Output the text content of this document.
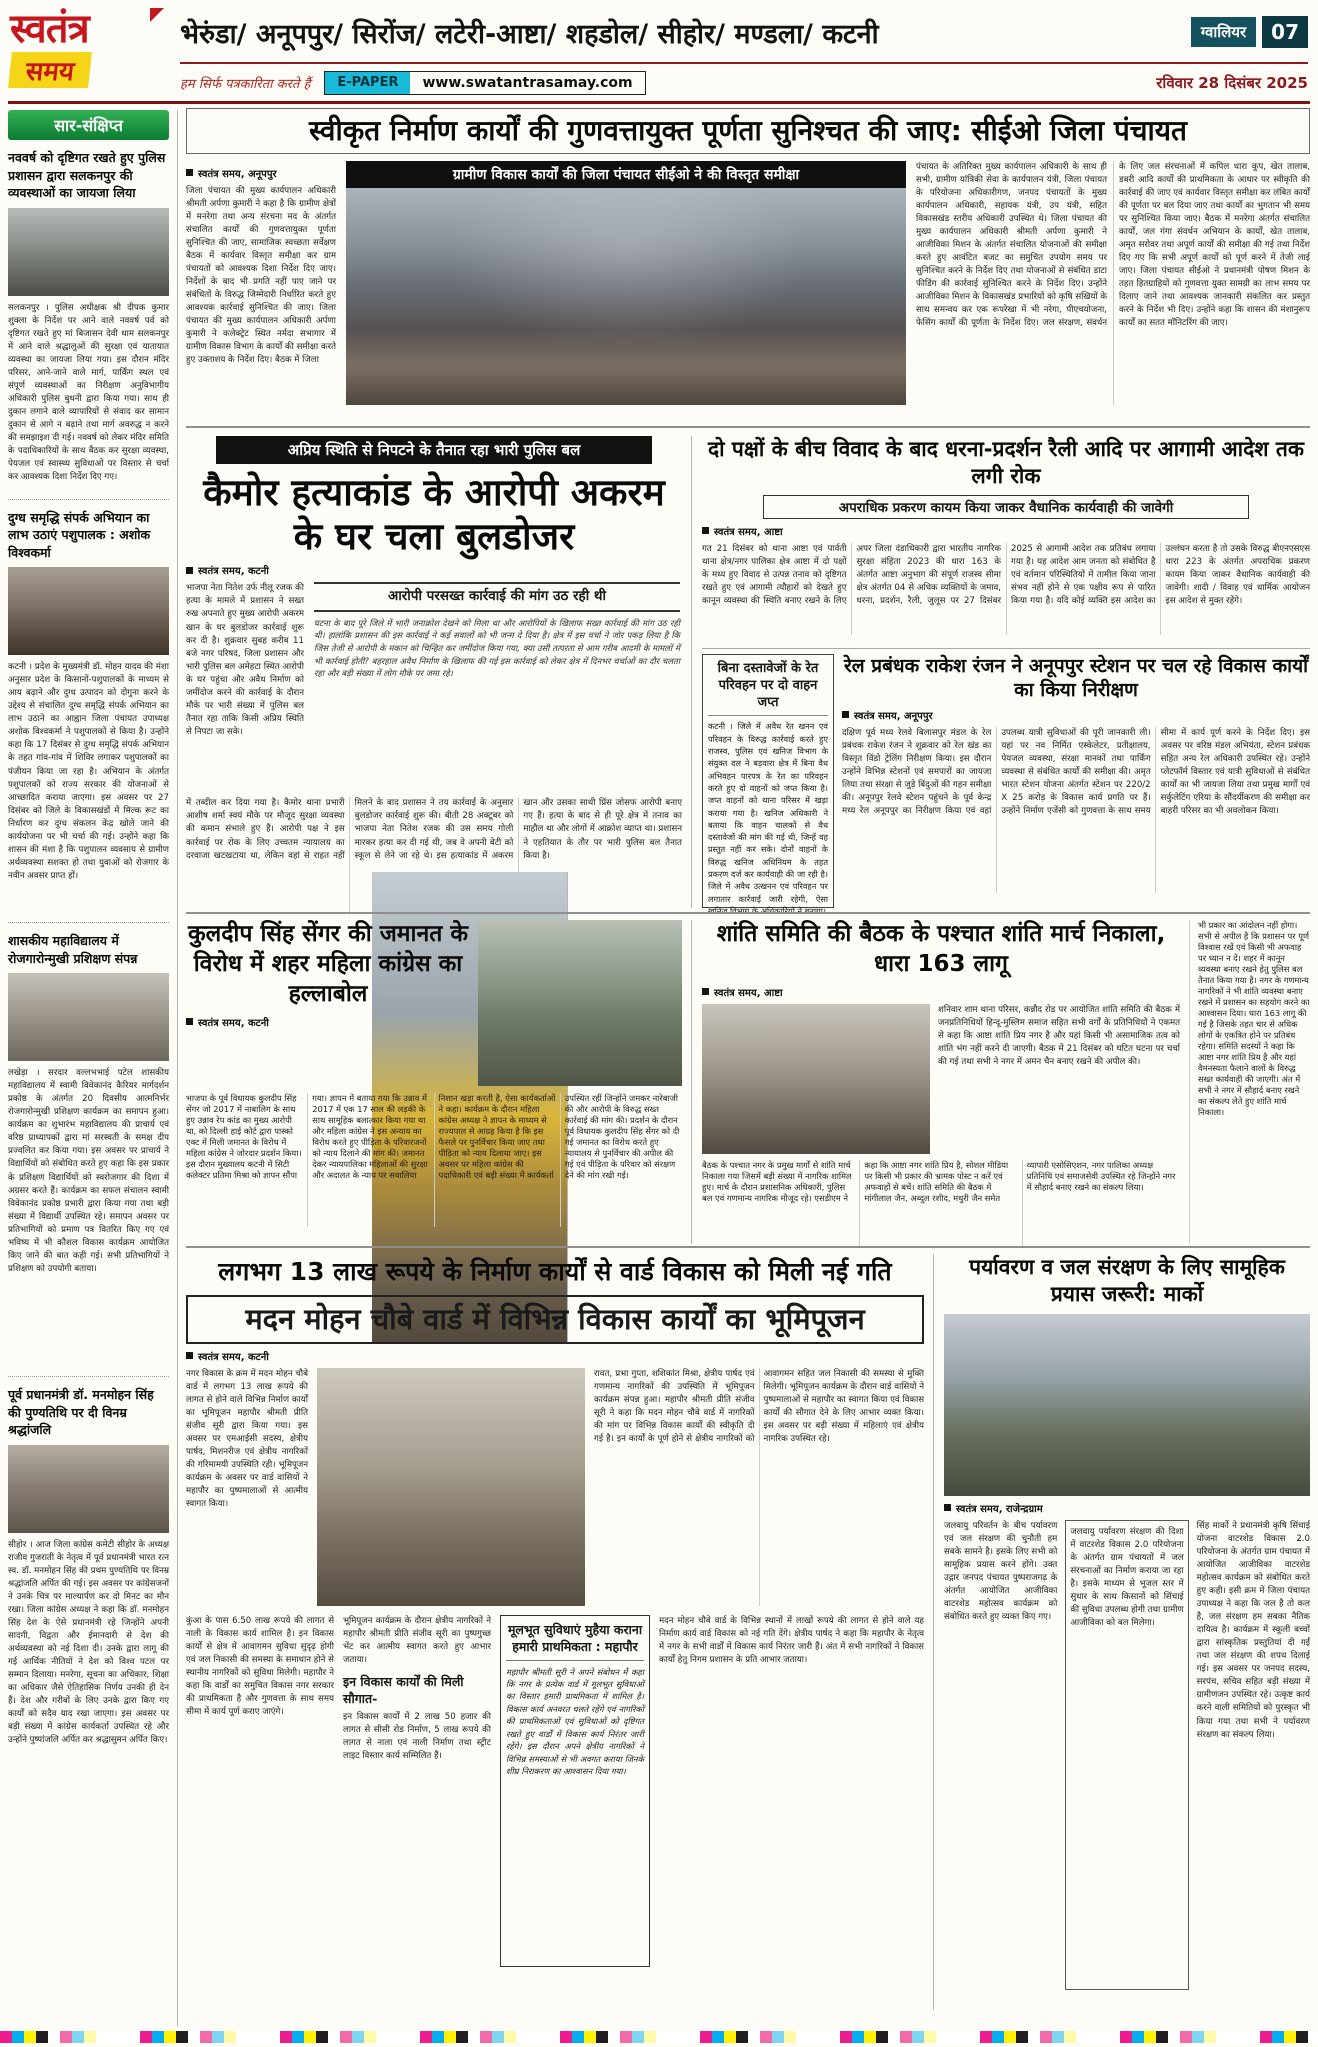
स्वतंत्र
समय
भेरुंडा/ अनूपपुर/ सिरोंज/ लटेरी-आष्टा/ शहडोल/ सीहोर/ मण्डला/ कटनी	ग्वालियर	07
हम सिर्फ पत्रकारिता करते हैं	E-PAPER	www.swatantrasamay.com	रविवार 28 दिसंबर 2025
सार-संक्षिप्त
नववर्ष को दृष्टिगत रखते हुए पुलिस प्रशासन द्वारा सलकनपुर की व्यवस्थाओं का जायजा लिया
सलकनपुर । पुलिस अधीक्षक श्री दीपक कुमार शुक्ला के निर्देश पर आने वाले नववर्ष पर्व को दृष्टिगत रखते हुए मां बिजासन देवी धाम सलकनपुर में आने वाले श्रद्धालुओं की सुरक्षा एवं यातायात व्यवस्था का जायजा लिया गया। इस दौरान मंदिर परिसर, आने-जाने वाले मार्ग, पार्किंग स्थल एवं संपूर्ण व्यवस्थाओं का निरीक्षण अनुविभागीय अधिकारी पुलिस बुधनी द्वारा किया गया। साथ ही दुकान लगाने वाले व्यापारियों से संवाद कर सामान दुकान से आगे न बढ़ाने तथा मार्ग अवरुद्ध न करने की समझाइश दी गई। नववर्ष को लेकर मंदिर समिति के पदाधिकारियों के साथ बैठक कर सुरक्षा व्यवस्था, पेयजल एवं स्वास्थ्य सुविधाओं पर विस्तार से चर्चा कर आवश्यक दिशा निर्देश दिए गए।
दुग्ध समृद्धि संपर्क अभियान का लाभ उठाएं पशुपालक : अशोक विश्वकर्मा
कटनी । प्रदेश के मुख्यमंत्री डॉ. मोहन यादव की मंशा अनुसार प्रदेश के किसानों-पशुपालकों के माध्यम से आय बढ़ाने और दुग्ध उत्पादन को दोगुना करने के उद्देश्य से संचालित दुग्ध समृद्धि संपर्क अभियान का लाभ उठाने का आह्वान जिला पंचायत उपाध्यक्ष अशोक विश्वकर्मा ने पशुपालकों से किया है। उन्होंने कहा कि 17 दिसंबर से दुग्ध समृद्धि संपर्क अभियान के तहत गांव-गांव में शिविर लगाकर पशुपालकों का पंजीयन किया जा रहा है। अभियान के अंतर्गत पशुपालकों को राज्य सरकार की योजनाओं से आच्छादित कराया जाएगा। इस अवसर पर 27 दिसंबर को जिले के विकासखंडों में मिल्क रूट का निर्धारण कर दुग्ध संकलन केंद्र खोले जाने की कार्ययोजना पर भी चर्चा की गई। उन्होंने कहा कि शासन की मंशा है कि पशुपालन व्यवसाय से ग्रामीण अर्थव्यवस्था सशक्त हो तथा युवाओं को रोजगार के नवीन अवसर प्राप्त हों।
शासकीय महाविद्यालय में रोजगारोन्मुखी प्रशिक्षण संपन्न
लखेड़ा । सरदार वल्लभभाई पटेल शासकीय महाविद्यालय में स्वामी विवेकानंद कैरियर मार्गदर्शन प्रकोष्ठ के अंतर्गत 20 दिवसीय आत्मनिर्भर रोजगारोन्मुखी प्रशिक्षण कार्यक्रम का समापन हुआ। कार्यक्रम का शुभारंभ महाविद्यालय की प्राचार्य एवं वरिष्ठ प्राध्यापकों द्वारा मां सरस्वती के समक्ष दीप प्रज्वलित कर किया गया। इस अवसर पर प्राचार्य ने विद्यार्थियों को संबोधित करते हुए कहा कि इस प्रकार के प्रशिक्षण विद्यार्थियों को स्वरोजगार की दिशा में अग्रसर करते हैं। कार्यक्रम का सफल संचालन स्वामी विवेकानंद प्रकोष्ठ प्रभारी द्वारा किया गया तथा बड़ी संख्या में विद्यार्थी उपस्थित रहे। समापन अवसर पर प्रतिभागियों को प्रमाण पत्र वितरित किए गए एवं भविष्य में भी कौशल विकास कार्यक्रम आयोजित किए जाने की बात कही गई। सभी प्रतिभागियों ने प्रशिक्षण को उपयोगी बताया।
पूर्व प्रधानमंत्री डॉ. मनमोहन सिंह की पुण्यतिथि पर दी विनम्र श्रद्धांजलि
सीहोर । आज जिला कांग्रेस कमेटी सीहोर के अध्यक्ष राजीव गुजराती के नेतृत्व में पूर्व प्रधानमंत्री भारत रत्न स्व. डॉ. मनमोहन सिंह की प्रथम पुण्यतिथि पर विनम्र श्रद्धांजलि अर्पित की गई। इस अवसर पर कांग्रेसजनों ने उनके चित्र पर माल्यार्पण कर दो मिनट का मौन रखा। जिला कांग्रेस अध्यक्ष ने कहा कि डॉ. मनमोहन सिंह देश के ऐसे प्रधानमंत्री रहे जिन्होंने अपनी सादगी, विद्वता और ईमानदारी से देश की अर्थव्यवस्था को नई दिशा दी। उनके द्वारा लागू की गई आर्थिक नीतियों ने देश को विश्व पटल पर सम्मान दिलाया। मनरेगा, सूचना का अधिकार, शिक्षा का अधिकार जैसे ऐतिहासिक निर्णय उनकी ही देन हैं। देश और गरीबों के लिए उनके द्वारा किए गए कार्यों को सदैव याद रखा जाएगा। इस अवसर पर बड़ी संख्या में कांग्रेस कार्यकर्ता उपस्थित रहे और उन्होंने पुष्पांजलि अर्पित कर श्रद्धासुमन अर्पित किए।
स्वीकृत निर्माण कार्यों की गुणवत्तायुक्त पूर्णता सुनिश्चत की जाए: सीईओ जिला पंचायत
स्वतंत्र समय, अनूपपुर
जिला पंचायत की मुख्य कार्यपालन अधिकारी श्रीमती अर्पणा कुमारी ने कहा है कि ग्रामीण क्षेत्रों में मनरेगा तथा अन्य संरचना मद के अंतर्गत संचालित कार्यों की गुणवत्तायुक्त पूर्णता सुनिश्चित की जाए, सामाजिक स्वच्छता सर्वेक्षण बैठक में कार्यवार विस्तृत समीक्षा कर ग्राम पंचायतों को आवश्यक दिशा निर्देश दिए जाए। निर्देशों के बाद भी प्रगति नहीं पाए जाने पर संबंधितों के विरुद्ध जिम्मेदारी निर्धारित करते हुए आवश्यक कार्रवाई सुनिश्चित की जाए। जिला पंचायत की मुख्य कार्यपालन अधिकारी अर्पणा कुमारी ने कलेक्ट्रेट स्थित नर्मदा सभागार में ग्रामीण विकास विभाग के कार्यों की समीक्षा करते हुए उक्ताशय के निर्देश दिए। बैठक में जिला
ग्रामीण विकास कार्यों की जिला पंचायत सीईओ ने की विस्तृत समीक्षा	पंचायत के अतिरिक्त मुख्य कार्यपालन अधिकारी के साथ ही सभी, ग्रामीण यांत्रिकी सेवा के कार्यपालन यंत्री, जिला पंचायत के परियोजना अधिकारीगण, जनपद पंचायतों के मुख्य कार्यपालन अधिकारी, सहायक यंत्री, उप यंत्री, सहित विकासखंड स्तरीय अधिकारी उपस्थित थे। जिला पंचायत की मुख्य कार्यपालन अधिकारी श्रीमती अर्पणा कुमारी ने आजीविका मिशन के अंतर्गत संचालित योजनाओं की समीक्षा करते हुए आवंटित बजट का समुचित उपयोग समय पर सुनिश्चित करने के निर्देश दिए तथा योजनाओं से संबंधित डाटा फीडिंग की कार्रवाई सुनिश्चित करने के निर्देश दिए। उन्होंने आजीविका मिशन के विकासखंड प्रभारियों को कृषि सखियों के साथ समन्वय कर एक रूपरेखा में भी नरेगा, पीएचयोजना, फेसिंग कार्यों की पूर्णता के निर्देश दिए। जल संरक्षण, संवर्धन के लिए जल संरचनाओं में कपिल धारा कूप, खेत तालाब, डबरी आदि कार्यों की प्राथमिकता के आधार पर स्वीकृति की कार्रवाई की जाए एवं कार्यवार विस्तृत समीक्षा कर लंबित कार्यों की पूर्णता पर बल दिया जाए तथा कार्यों का भुगतान भी समय पर सुनिश्चित किया जाए। बैठक में मनरेगा अंतर्गत संचालित कार्यों, जल गंगा संवर्धन अभियान के कार्यों, खेत तालाब, अमृत सरोवर तथा अपूर्ण कार्यों की समीक्षा की गई तथा निर्देश दिए गए कि सभी अपूर्ण कार्यों को पूर्ण करने में तेजी लाई जाए। जिला पंचायत सीईओ ने प्रधानमंत्री पोषण मिशन के तहत हितग्राहियों को गुणवत्ता युक्त सामग्री का लाभ समय पर दिलाए जाने तथा आवश्यक जानकारी संकलित कर प्रस्तुत करने के निर्देश भी दिए। उन्होंने कहा कि शासन की मंशानुरूप कार्यों का सतत मॉनिटरिंग की जाए।
अप्रिय स्थिति से निपटने के तैनात रहा भारी पुलिस बल
कैमोर हत्याकांड के आरोपी अकरम के घर चला बुलडोजर
स्वतंत्र समय, कटनी
भाजपा नेता नितेश उर्फ नीलू रजक की हत्या के मामले में प्रशासन ने सख्त रुख अपनाते हुए मुख्य आरोपी अकरम खान के घर बुलडोजर कार्रवाई शुरू कर दी है। शुक्रवार सुबह करीब 11 बजे नगर परिषद, जिला प्रशासन और भारी पुलिस बल अमेहटा स्थित आरोपी के घर पहुंचा और अवैध निर्माण को जमींदोज करने की कार्रवाई के दौरान मौके पर भारी संख्या में पुलिस बल तैनात रहा ताकि किसी अप्रिय स्थिति से निपटा जा सके।
आरोपी परसख्त कार्रवाई की मांग उठ रही थी
घटना के बाद पूरे जिले में भारी जनाक्रोश देखने को मिला था और आरोपियों के खिलाफ सख्त कार्रवाई की मांग उठ रही थी। हालांकि प्रशासन की इस कार्रवाई ने कई सवालों को भी जन्म दे दिया है। क्षेत्र में इस चर्चा ने जोर पकड़ लिया है कि जिस तेजी से आरोपी के मकान को चिन्हित कर जमींदोज किया गया, क्या उसी तत्परता से आम गरीब आदमी के मामलों में भी कार्रवाई होती? बहरहाल अवैध निर्माण के खिलाफ की गई इस कार्रवाई को लेकर क्षेत्र में दिनभर चर्चाओं का दौर चलता रहा और बड़ी संख्या में लोग मौके पर जमा रहे।
में तब्दील कर दिया गया है। कैमोर थाना प्रभारी आशीष शर्मा स्वयं मौके पर मौजूद सुरक्षा व्यवस्था की कमान संभाले हुए हैं। आरोपी पक्ष ने इस कार्रवाई पर रोक के लिए उच्चतम न्यायालय का दरवाजा खटखटाया था, लेकिन वहां से राहत नहीं मिलने के बाद प्रशासन ने तय कार्रवाई के अनुसार बुलडोजर कार्रवाई शुरू की। बीती 28 अक्टूबर को भाजपा नेता नितेश रजक की उस समय गोली मारकर हत्या कर दी गई थी, जब वे अपनी बेटी को स्कूल से लेने जा रहे थे। इस हत्याकांड में अकरम खान और उसका साथी प्रिंस जोसफ आरोपी बनाए गए हैं। हत्या के बाद से ही पूरे क्षेत्र में तनाव का माहौल था और लोगों में आक्रोश व्याप्त था। प्रशासन ने एहतियात के तौर पर भारी पुलिस बल तैनात किया है।
दो पक्षों के बीच विवाद के बाद धरना-प्रदर्शन रैली आदि पर आगामी आदेश तक लगी रोक
अपराधिक प्रकरण कायम किया जाकर वैधानिक कार्यवाही की जावेगी
स्वतंत्र समय, आष्टा
गत 21 दिसंबर को थाना आष्टा एवं पार्वती थाना क्षेत्र/नगर पालिका क्षेत्र आष्टा में दो पक्षों के मध्य हुए विवाद से उत्पन्न तनाव को दृष्टिगत रखते हुए एवं आगामी त्यौहारों को देखते हुए कानून व्यवस्था की स्थिति बनाए रखने के लिए अपर जिला दंडाधिकारी द्वारा भारतीय नागरिक सुरक्षा संहिता 2023 की धारा 163 के अंतर्गत आष्टा अनुभाग की संपूर्ण राजस्व सीमा क्षेत्र अंतर्गत 04 से अधिक व्यक्तियों के जमाव, धरना, प्रदर्शन, रैली, जुलूस पर 27 दिसंबर 2025 से आगामी आदेश तक प्रतिबंध लगाया गया है। यह आदेश आम जनता को संबोधित है एवं वर्तमान परिस्थितियों में तामील किया जाना संभव नहीं होने से एक पक्षीय रूप से पारित किया गया है। यदि कोई व्यक्ति इस आदेश का उल्लंघन करता है तो उसके विरुद्ध बीएनएसएस धारा 223 के अंतर्गत अपराधिक प्रकरण कायम किया जाकर वैधानिक कार्यवाही की जावेगी। शादी / विवाह एवं धार्मिक आयोजन इस आदेश से मुक्त रहेंगे।
बिना दस्तावेजों के रेत परिवहन पर दो वाहन जप्त
कटनी । जिले में अवैध रेत खनन एवं परिवहन के विरुद्ध कार्रवाई करते हुए राजस्व, पुलिस एवं खनिज विभाग के संयुक्त दल ने बड़वारा क्षेत्र में बिना वैध अभिवहन पारपत्र के रेत का परिवहन करते हुए दो वाहनों को जप्त किया है। जप्त वाहनों को थाना परिसर में खड़ा कराया गया है। खनिज अधिकारी ने बताया कि वाहन चालकों से वैध दस्तावेजों की मांग की गई थी, जिन्हें वह प्रस्तुत नहीं कर सके। दोनों वाहनों के विरुद्ध खनिज अधिनियम के तहत प्रकरण दर्ज कर कार्यवाही की जा रही है। जिले में अवैध उत्खनन एवं परिवहन पर लगातार कार्रवाई जारी रहेगी, ऐसा खनिज विभाग के अधिकारियों ने बताया।
रेल प्रबंधक राकेश रंजन ने अनूपपुर स्टेशन पर चल रहे विकास कार्यों का किया निरीक्षण
स्वतंत्र समय, अनूपपुर
दक्षिण पूर्व मध्य रेलवे बिलासपुर मंडल के रेल प्रबंधक राकेश रंजन ने शुक्रवार को रेल खंड का विस्तृत विंडो ट्रेलिंग निरीक्षण किया। इस दौरान उन्होंने विभिन्न स्टेशनों एवं समपारों का जायजा लिया तथा संरक्षा से जुड़े बिंदुओं की गहन समीक्षा की। अनूपपुर रेलवे स्टेशन पहुंचने के पूर्व केन्द्र मध्य रेल अनूपपुर का निरीक्षण किया एवं वहां उपलब्ध यात्री सुविधाओं की पूरी जानकारी ली। यहां पर नव निर्मित एस्केलेटर, प्रतीक्षालय, पेयजल व्यवस्था, संरक्षा मानकों तथा पार्किंग व्यवस्था से संबंधित कार्यों की समीक्षा की। अमृत भारत स्टेशन योजना अंतर्गत स्टेशन पर 220/2 X 25 करोड़ के विकास कार्य प्रगति पर हैं। उन्होंने निर्माण एजेंसी को गुणवत्ता के साथ समय सीमा में कार्य पूर्ण करने के निर्देश दिए। इस अवसर पर वरिष्ठ मंडल अभियंता, स्टेशन प्रबंधक सहित अन्य रेल अधिकारी उपस्थित रहे। उन्होंने प्लेटफॉर्म विस्तार एवं यात्री सुविधाओं से संबंधित कार्यों का भी जायजा लिया तथा प्रमुख मार्गों एवं सर्कुलेटिंग एरिया के सौंदर्यीकरण की समीक्षा कर बाहरी परिसर का भी अवलोकन किया।
कुलदीप सिंह सेंगर की जमानत के विरोध में शहर महिला कांग्रेस का हल्लाबोल
स्वतंत्र समय, कटनी
भाजपा के पूर्व विधायक कुलदीप सिंह सेंगर जो 2017 में नाबालिग के साथ हुए उन्नाव रेप कांड का मुख्य आरोपी था, को दिल्ली हाई कोर्ट द्वारा पास्को एक्ट में मिली जमानत के विरोध में महिला कांग्रेस ने जोरदार प्रदर्शन किया। इस दौरान मुख्यालय कटनी में सिटी कलेक्टर प्रतिमा मिश्रा को ज्ञापन सौंपा गया। ज्ञापन में बताया गया कि उन्नाव में 2017 में एक 17 साल की लड़की के साथ सामूहिक बलात्कार किया गया था और महिला कांग्रेस ने इस अन्याय का विरोध करते हुए पीड़िता के परिवारजनों को न्याय दिलाने की मांग की। जमानत देकर न्यायपालिका महिलाओं की सुरक्षा और अदालत के न्याय पर सवालिया निशान खड़ा करती है, ऐसा कार्यकर्ताओं ने कहा। कार्यक्रम के दौरान महिला कांग्रेस अध्यक्ष ने ज्ञापन के माध्यम से राज्यपाल से आग्रह किया है कि इस फैसले पर पुनर्विचार किया जाए तथा पीड़िता को न्याय दिलाया जाए। इस अवसर पर महिला कांग्रेस की पदाधिकारी एवं बड़ी संख्या में कार्यकर्ता उपस्थित रहीं जिन्होंने जमकर नारेबाजी की और आरोपी के विरुद्ध सख्त कार्रवाई की मांग की। प्रदर्शन के दौरान पूर्व विधायक कुलदीप सिंह सेंगर को दी गई जमानत का विरोध करते हुए न्यायालय से पुनर्विचार की अपील की गई एवं पीड़िता के परिवार को संरक्षण देने की मांग रखी गई।
शांति समिति की बैठक के पश्चात शांति मार्च निकाला, धारा 163 लागू
स्वतंत्र समय, आष्टा
शनिवार शाम थाना परिसर, कन्नौद रोड पर आयोजित शांति समिति की बैठक में जनप्रतिनिधियों हिन्दू-मुस्लिम समाज सहित सभी वर्गों के प्रतिनिधियों ने एकमत से कहा कि आष्टा शांति प्रिय नगर है और यहां किसी भी असामाजिक तत्व को शांति भंग नहीं करने दी जाएगी। बैठक में 21 दिसंबर को घटित घटना पर चर्चा की गई तथा सभी ने नगर में अमन चैन बनाए रखने की अपील की।
बैठक के पश्चात नगर के प्रमुख मार्गों से शांति मार्च निकाला गया जिसमें बड़ी संख्या में नागरिक शामिल हुए। मार्च के दौरान प्रशासनिक अधिकारी, पुलिस बल एवं गणमान्य नागरिक मौजूद रहे। एसडीएम ने कहा कि आष्टा नगर शांति प्रिय है, सोशल मीडिया पर किसी भी प्रकार की भ्रामक पोस्ट न करें एवं अफवाहों से बचें। शांति समिति की बैठक में मांगीलाल जैन, अब्दुल रशीद, मधुरी जैन समेत व्यापारी एसोसिएशन, नगर पालिका अध्यक्ष प्रतिनिधि एवं समाजसेवी उपस्थित रहे जिन्होंने नगर में सौहार्द बनाए रखने का संकल्प लिया।
भी प्रकार का आंदोलन नहीं होगा। सभी से अपील है कि प्रशासन पर पूर्ण विश्वास रखें एवं किसी भी अफवाह पर ध्यान न दें। शहर में कानून व्यवस्था बनाए रखने हेतु पुलिस बल तैनात किया गया है। नगर के गणमान्य नागरिकों ने भी शांति व्यवस्था बनाए रखने में प्रशासन का सहयोग करने का आश्वासन दिया। धारा 163 लागू की गई है जिसके तहत चार से अधिक लोगों के एकत्रित होने पर प्रतिबंध रहेगा। समिति सदस्यों ने कहा कि आष्टा नगर शांति प्रिय है और यहां वैमनस्यता फैलाने वालों के विरुद्ध सख्त कार्यवाही की जाएगी। अंत में सभी ने नगर में सौहार्द बनाए रखने का संकल्प लेते हुए शांति मार्च निकाला।
लगभग 13 लाख रूपये के निर्माण कार्यों से वार्ड विकास को मिली नई गति
मदन मोहन चौबे वार्ड में विभिन्न विकास कार्यों का भूमिपूजन
स्वतंत्र समय, कटनी
नगर विकास के क्रम में मदन मोहन चौबे वार्ड में लगभग 13 लाख रूपये की लागत से होने वाले विभिन्न निर्माण कार्यों का भूमिपूजन महापौर श्रीमती प्रीति संजीव सूरी द्वारा किया गया। इस अवसर पर एमआईसी सदस्य, क्षेत्रीय पार्षद, मिशनरीज एवं क्षेत्रीय नागरिकों की गरिमामयी उपस्थिति रही। भूमिपूजन कार्यक्रम के अवसर पर वार्ड वासियों ने महापौर का पुष्पमालाओं से आत्मीय स्वागत किया।
रावत, प्रभा गुप्ता, शशिकांत मिश्रा, क्षेत्रीय पार्षद एवं गणमान्य नागरिकों की उपस्थिति में भूमिपूजन कार्यक्रम संपन्न हुआ। महापौर श्रीमती प्रीति संजीव सूरी ने कहा कि मदन मोहन चौबे वार्ड में नागरिकों की मांग पर विभिन्न विकास कार्यों की स्वीकृति दी गई है। इन कार्यों के पूर्ण होने से क्षेत्रीय नागरिकों को आवागमन सहित जल निकासी की समस्या से मुक्ति मिलेगी। भूमिपूजन कार्यक्रम के दौरान वार्ड वासियों ने पुष्पमालाओं से महापौर का स्वागत किया एवं विकास कार्यों की सौगात देने के लिए आभार व्यक्त किया। इस अवसर पर बड़ी संख्या में महिलाएं एवं क्षेत्रीय नागरिक उपस्थित रहे।
कुंआ के पास 6.50 लाख रूपये की लागत से नाली के विकास कार्य शामिल है। इन विकास कार्यों से क्षेत्र में आवागमन सुविधा सुदृढ़ होगी एवं जल निकासी की समस्या के समाधान होने से स्थानीय नागरिकों को सुविधा मिलेगी। महापौर ने कहा कि वार्डों का समुचित विकास नगर सरकार की प्राथमिकता है और गुणवत्ता के साथ समय सीमा में कार्य पूर्ण कराए जाएंगे।
भूमिपूजन कार्यक्रम के दौरान क्षेत्रीय नागरिकों ने महापौर श्रीमती प्रीति संजीव सूरी का पुष्पगुच्छ भेंट कर आत्मीय स्वागत करते हुए आभार जताया।
इन विकास कार्यों की मिली सौगात-
इन विकास कार्यों में 2 लाख 50 हजार की लागत से सीसी रोड निर्माण, 5 लाख रूपये की लागत से नाला एवं नाली निर्माण तथा स्ट्रीट लाइट विस्तार कार्य सम्मिलित हैं।
मूलभूत सुविधाएं मुहैया कराना हमारी प्राथमिकता : महापौर
महापौर श्रीमती सूरी ने अपने संबोधन में कहा कि नगर के प्रत्येक वार्ड में मूलभूत सुविधाओं का विस्तार हमारी प्राथमिकता में शामिल है। विकास कार्य अनवरत चलते रहेंगे एवं नागरिकों की प्राथमिकताओं एवं सुविधाओं को दृष्टिगत रखते हुए वार्डों में विकास कार्य निरंतर जारी रहेंगे। इस दौरान अपने क्षेत्रीय नागरिकों ने विभिन्न समस्याओं से भी अवगत कराया जिनके शीघ्र निराकरण का आश्वासन दिया गया।
मदन मोहन चौबे वार्ड के विभिन्न स्थानों में लाखों रूपये की लागत से होने वाले यह निर्माण कार्य वार्ड विकास को नई गति देंगे। क्षेत्रीय पार्षद ने कहा कि महापौर के नेतृत्व में नगर के सभी वार्डों में विकास कार्य निरंतर जारी हैं। अंत में सभी नागरिकों ने विकास कार्यों हेतु निगम प्रशासन के प्रति आभार जताया।
पर्यावरण व जल संरक्षण के लिए सामूहिक प्रयास जरूरी: मार्को
स्वतंत्र समय, राजेन्द्रग्राम
जलवायु परिवर्तन के बीच पर्यावरण एवं जल संरक्षण की चुनौती हम सबके सामने है। इसके लिए सभी को सामूहिक प्रयास करने होंगे। उक्त उद्गार जनपद पंचायत पुष्पराजगढ़ के अंतर्गत आयोजित आजीविका वाटरशेड महोत्सव कार्यक्रम को संबोधित करते हुए व्यक्त किए गए।
जलवायु पर्यावरण संरक्षण की दिशा में वाटरशेड विकास 2.0 परियोजना के अंतर्गत ग्राम पंचायतों में जल संरचनाओं का निर्माण कराया जा रहा है। इसके माध्यम से भूजल स्तर में सुधार के साथ किसानों को सिंचाई की सुविधा उपलब्ध होगी तथा ग्रामीण आजीविका को बल मिलेगा।
सिंह मार्को ने प्रधानमंत्री कृषि सिंचाई योजना वाटरशेड विकास 2.0 परियोजना के अंतर्गत ग्राम पंचायत में आयोजित आजीविका वाटरशेड महोत्सव कार्यक्रम को संबोधित करते हुए कही। इसी क्रम में जिला पंचायत उपाध्यक्ष ने कहा कि जल है तो कल है, जल संरक्षण हम सबका नैतिक दायित्व है। कार्यक्रम में स्कूली बच्चों द्वारा सांस्कृतिक प्रस्तुतियां दी गईं तथा जल संरक्षण की शपथ दिलाई गई। इस अवसर पर जनपद सदस्य, सरपंच, सचिव सहित बड़ी संख्या में ग्रामीणजन उपस्थित रहे। उत्कृष्ट कार्य करने वाली समितियों को पुरस्कृत भी किया गया तथा सभी ने पर्यावरण संरक्षण का संकल्प लिया।
